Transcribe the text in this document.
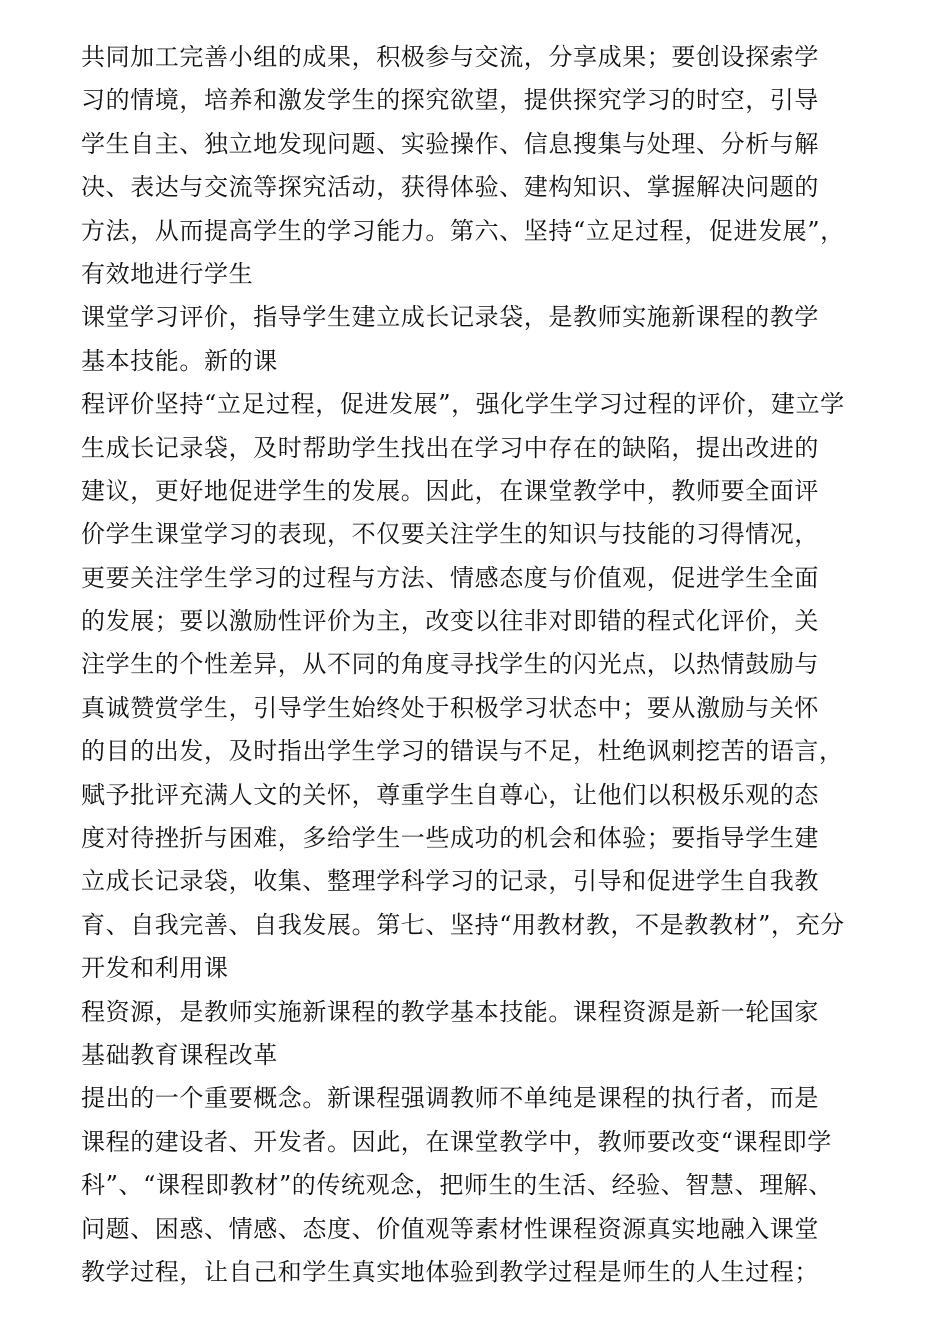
共同加工完善小组的成果，积极参与交流，分享成果；要创设探索学
习的情境，培养和激发学生的探究欲望，提供探究学习的时空，引导
学生自主、独立地发现问题、实验操作、信息搜集与处理、分析与解
决、表达与交流等探究活动，获得体验、建构知识、掌握解决问题的
方法，从而提高学生的学习能力。第六、坚持“立足过程，促进发展”，
有效地进行学生
课堂学习评价，指导学生建立成长记录袋，是教师实施新课程的教学
基本技能。新的课
程评价坚持“立足过程，促进发展”，强化学生学习过程的评价，建立学
生成长记录袋，及时帮助学生找出在学习中存在的缺陷，提出改进的
建议，更好地促进学生的发展。因此，在课堂教学中，教师要全面评
价学生课堂学习的表现，不仅要关注学生的知识与技能的习得情况，
更要关注学生学习的过程与方法、情感态度与价值观，促进学生全面
的发展；要以激励性评价为主，改变以往非对即错的程式化评价，关
注学生的个性差异，从不同的角度寻找学生的闪光点，以热情鼓励与
真诚赞赏学生，引导学生始终处于积极学习状态中；要从激励与关怀
的目的出发，及时指出学生学习的错误与不足，杜绝讽刺挖苦的语言，
赋予批评充满人文的关怀，尊重学生自尊心，让他们以积极乐观的态
度对待挫折与困难，多给学生一些成功的机会和体验；要指导学生建
立成长记录袋，收集、整理学科学习的记录，引导和促进学生自我教
育、自我完善、自我发展。第七、坚持“用教材教，不是教教材”，充分
开发和利用课
程资源，是教师实施新课程的教学基本技能。课程资源是新一轮国家
基础教育课程改革
提出的一个重要概念。新课程强调教师不单纯是课程的执行者，而是
课程的建设者、开发者。因此，在课堂教学中，教师要改变“课程即学
科”、“课程即教材”的传统观念，把师生的生活、经验、智慧、理解、
问题、困惑、情感、态度、价值观等素材性课程资源真实地融入课堂
教学过程，让自己和学生真实地体验到教学过程是师生的人生过程；
